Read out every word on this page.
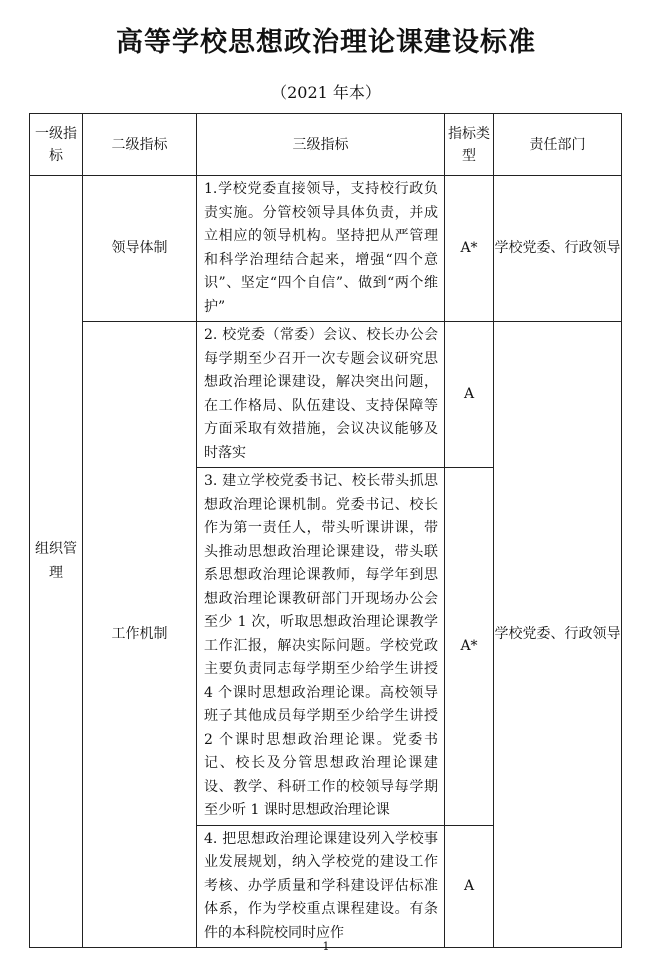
高等学校思想政治理论课建设标准
（2021 年本）
一级指标	二级指标	三级指标	指标类型	责任部门
组织管理	领导体制	1.学校党委直接领导，支持校行政负责实施。分管校领导具体负责，并成立相应的领导机构。坚持把从严管理和科学治理结合起来，增强“四个意识”、坚定“四个自信”、做到“两个维护”	A*	学校党委、行政领导
	工作机制	2. 校党委（常委）会议、校长办公会每学期至少召开一次专题会议研究思想政治理论课建设，解决突出问题，在工作格局、队伍建设、支持保障等方面采取有效措施，会议决议能够及时落实	A	学校党委、行政领导
		3. 建立学校党委书记、校长带头抓思想政治理论课机制。党委书记、校长作为第一责任人，带头听课讲课，带头推动思想政治理论课建设，带头联系思想政治理论课教师，每学年到思想政治理论课教研部门开现场办公会至少 1 次，听取思想政治理论课教学工作汇报，解决实际问题。学校党政主要负责同志每学期至少给学生讲授 4 个课时思想政治理论课。高校领导班子其他成员每学期至少给学生讲授 2 个课时思想政治理论课。党委书记、校长及分管思想政治理论课建设、教学、科研工作的校领导每学期至少听 1 课时思想政治理论课	A*	
		4. 把思想政治理论课建设列入学校事业发展规划，纳入学校党的建设工作考核、办学质量和学科建设评估标准体系，作为学校重点课程建设。有条件的本科院校同时应作	A	
1
